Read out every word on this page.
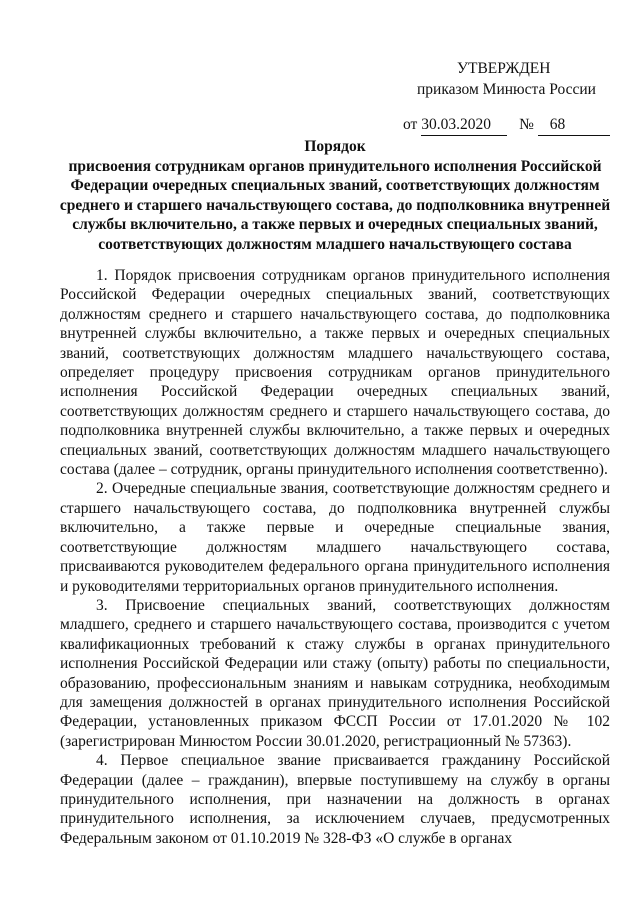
УТВЕРЖДЕН
приказом Минюста России
от 30.03.2020 № 68
Порядок
присвоения сотрудникам органов принудительного исполнения Российской Федерации очередных специальных званий, соответствующих должностям среднего и старшего начальствующего состава, до подполковника внутренней службы включительно, а также первых и очередных специальных званий, соответствующих должностям младшего начальствующего состава

1. Порядок присвоения сотрудникам органов принудительного исполнения Российской Федерации очередных специальных званий, соответствующих должностям среднего и старшего начальствующего состава, до подполковника внутренней службы включительно, а также первых и очередных специальных званий, соответствующих должностям младшего начальствующего состава, определяет процедуру присвоения сотрудникам органов принудительного исполнения Российской Федерации очередных специальных званий, соответствующих должностям среднего и старшего начальствующего состава, до подполковника внутренней службы включительно, а также первых и очередных специальных званий, соответствующих должностям младшего начальствующего состава (далее – сотрудник, органы принудительного исполнения соответственно).

2. Очередные специальные звания, соответствующие должностям среднего и старшего начальствующего состава, до подполковника внутренней службы включительно, а также первые и очередные специальные звания, соответствующие должностям младшего начальствующего состава, присваиваются руководителем федерального органа принудительного исполнения и руководителями территориальных органов принудительного исполнения.

3. Присвоение специальных званий, соответствующих должностям младшего, среднего и старшего начальствующего состава, производится с учетом квалификационных требований к стажу службы в органах принудительного исполнения Российской Федерации или стажу (опыту) работы по специальности, образованию, профессиональным знаниям и навыкам сотрудника, необходимым для замещения должностей в органах принудительного исполнения Российской Федерации, установленных приказом ФССП России от 17.01.2020 № 102 (зарегистрирован Минюстом России 30.01.2020, регистрационный № 57363).

4. Первое специальное звание присваивается гражданину Российской Федерации (далее – гражданин), впервые поступившему на службу в органы принудительного исполнения, при назначении на должность в органах принудительного исполнения, за исключением случаев, предусмотренных Федеральным законом от 01.10.2019 № 328-ФЗ «О службе в органах
